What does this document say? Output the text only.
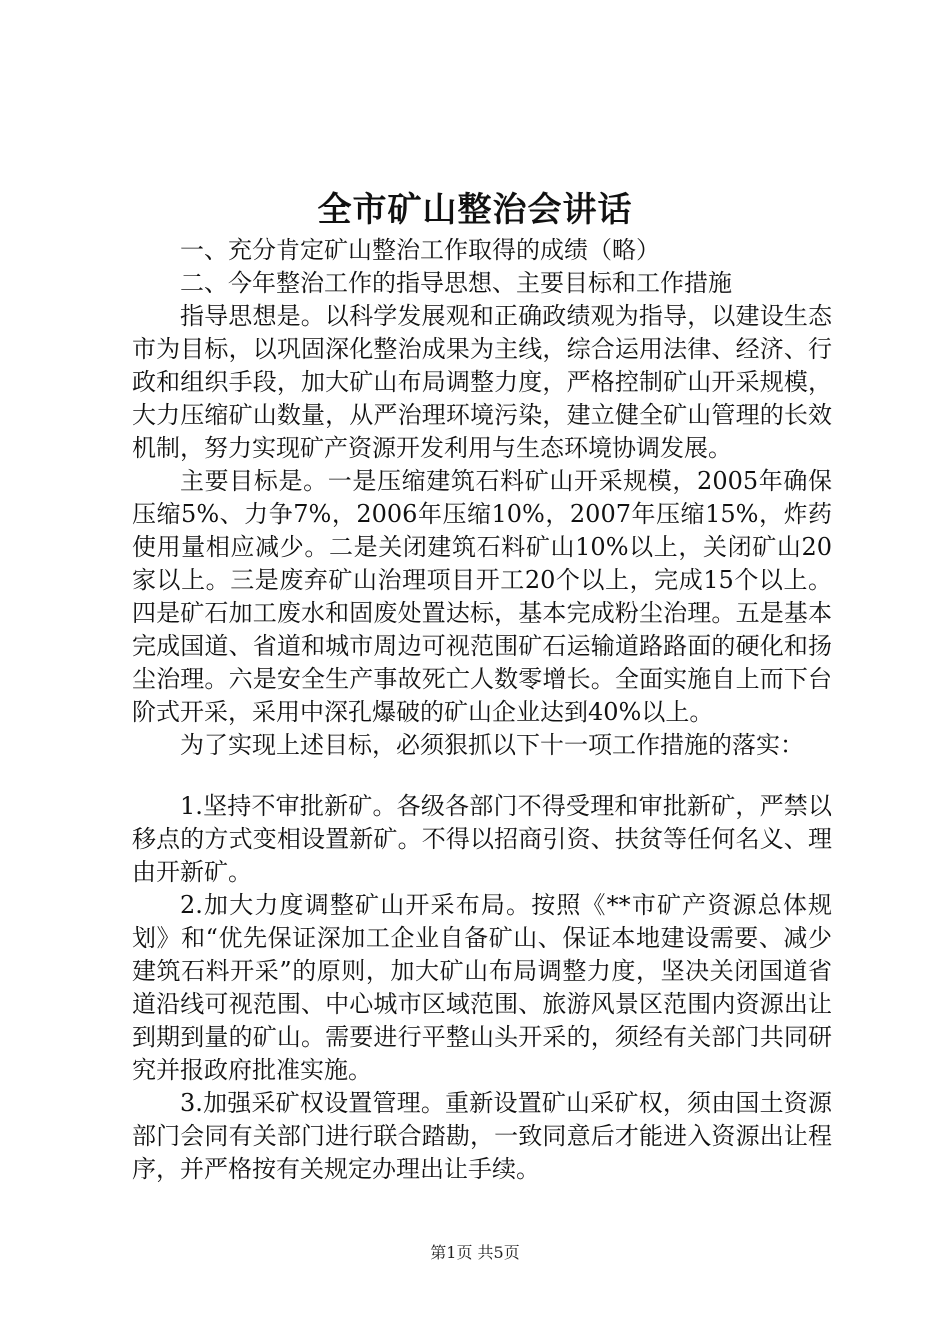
全市矿山整治会讲话

一、充分肯定矿山整治工作取得的成绩（略）

二、今年整治工作的指导思想、主要目标和工作措施

指导思想是。以科学发展观和正确政绩观为指导，以建设生态市为目标，以巩固深化整治成果为主线，综合运用法律、经济、行政和组织手段，加大矿山布局调整力度，严格控制矿山开采规模，大力压缩矿山数量，从严治理环境污染，建立健全矿山管理的长效机制，努力实现矿产资源开发利用与生态环境协调发展。

主要目标是。一是压缩建筑石料矿山开采规模，2005年确保压缩5%、力争7%，2006年压缩10%，2007年压缩15%，炸药使用量相应减少。二是关闭建筑石料矿山10%以上，关闭矿山20家以上。三是废弃矿山治理项目开工20个以上，完成15个以上。四是矿石加工废水和固废处置达标，基本完成粉尘治理。五是基本完成国道、省道和城市周边可视范围矿石运输道路路面的硬化和扬尘治理。六是安全生产事故死亡人数零增长。全面实施自上而下台阶式开采，采用中深孔爆破的矿山企业达到40%以上。

为了实现上述目标，必须狠抓以下十一项工作措施的落实：

1.坚持不审批新矿。各级各部门不得受理和审批新矿，严禁以移点的方式变相设置新矿。不得以招商引资、扶贫等任何名义、理由开新矿。

2.加大力度调整矿山开采布局。按照《**市矿产资源总体规划》和“优先保证深加工企业自备矿山、保证本地建设需要、减少建筑石料开采”的原则，加大矿山布局调整力度，坚决关闭国道省道沿线可视范围、中心城市区域范围、旅游风景区范围内资源出让到期到量的矿山。需要进行平整山头开采的，须经有关部门共同研究并报政府批准实施。

3.加强采矿权设置管理。重新设置矿山采矿权，须由国土资源部门会同有关部门进行联合踏勘，一致同意后才能进入资源出让程序，并严格按有关规定办理出让手续。

第1页 共5页
